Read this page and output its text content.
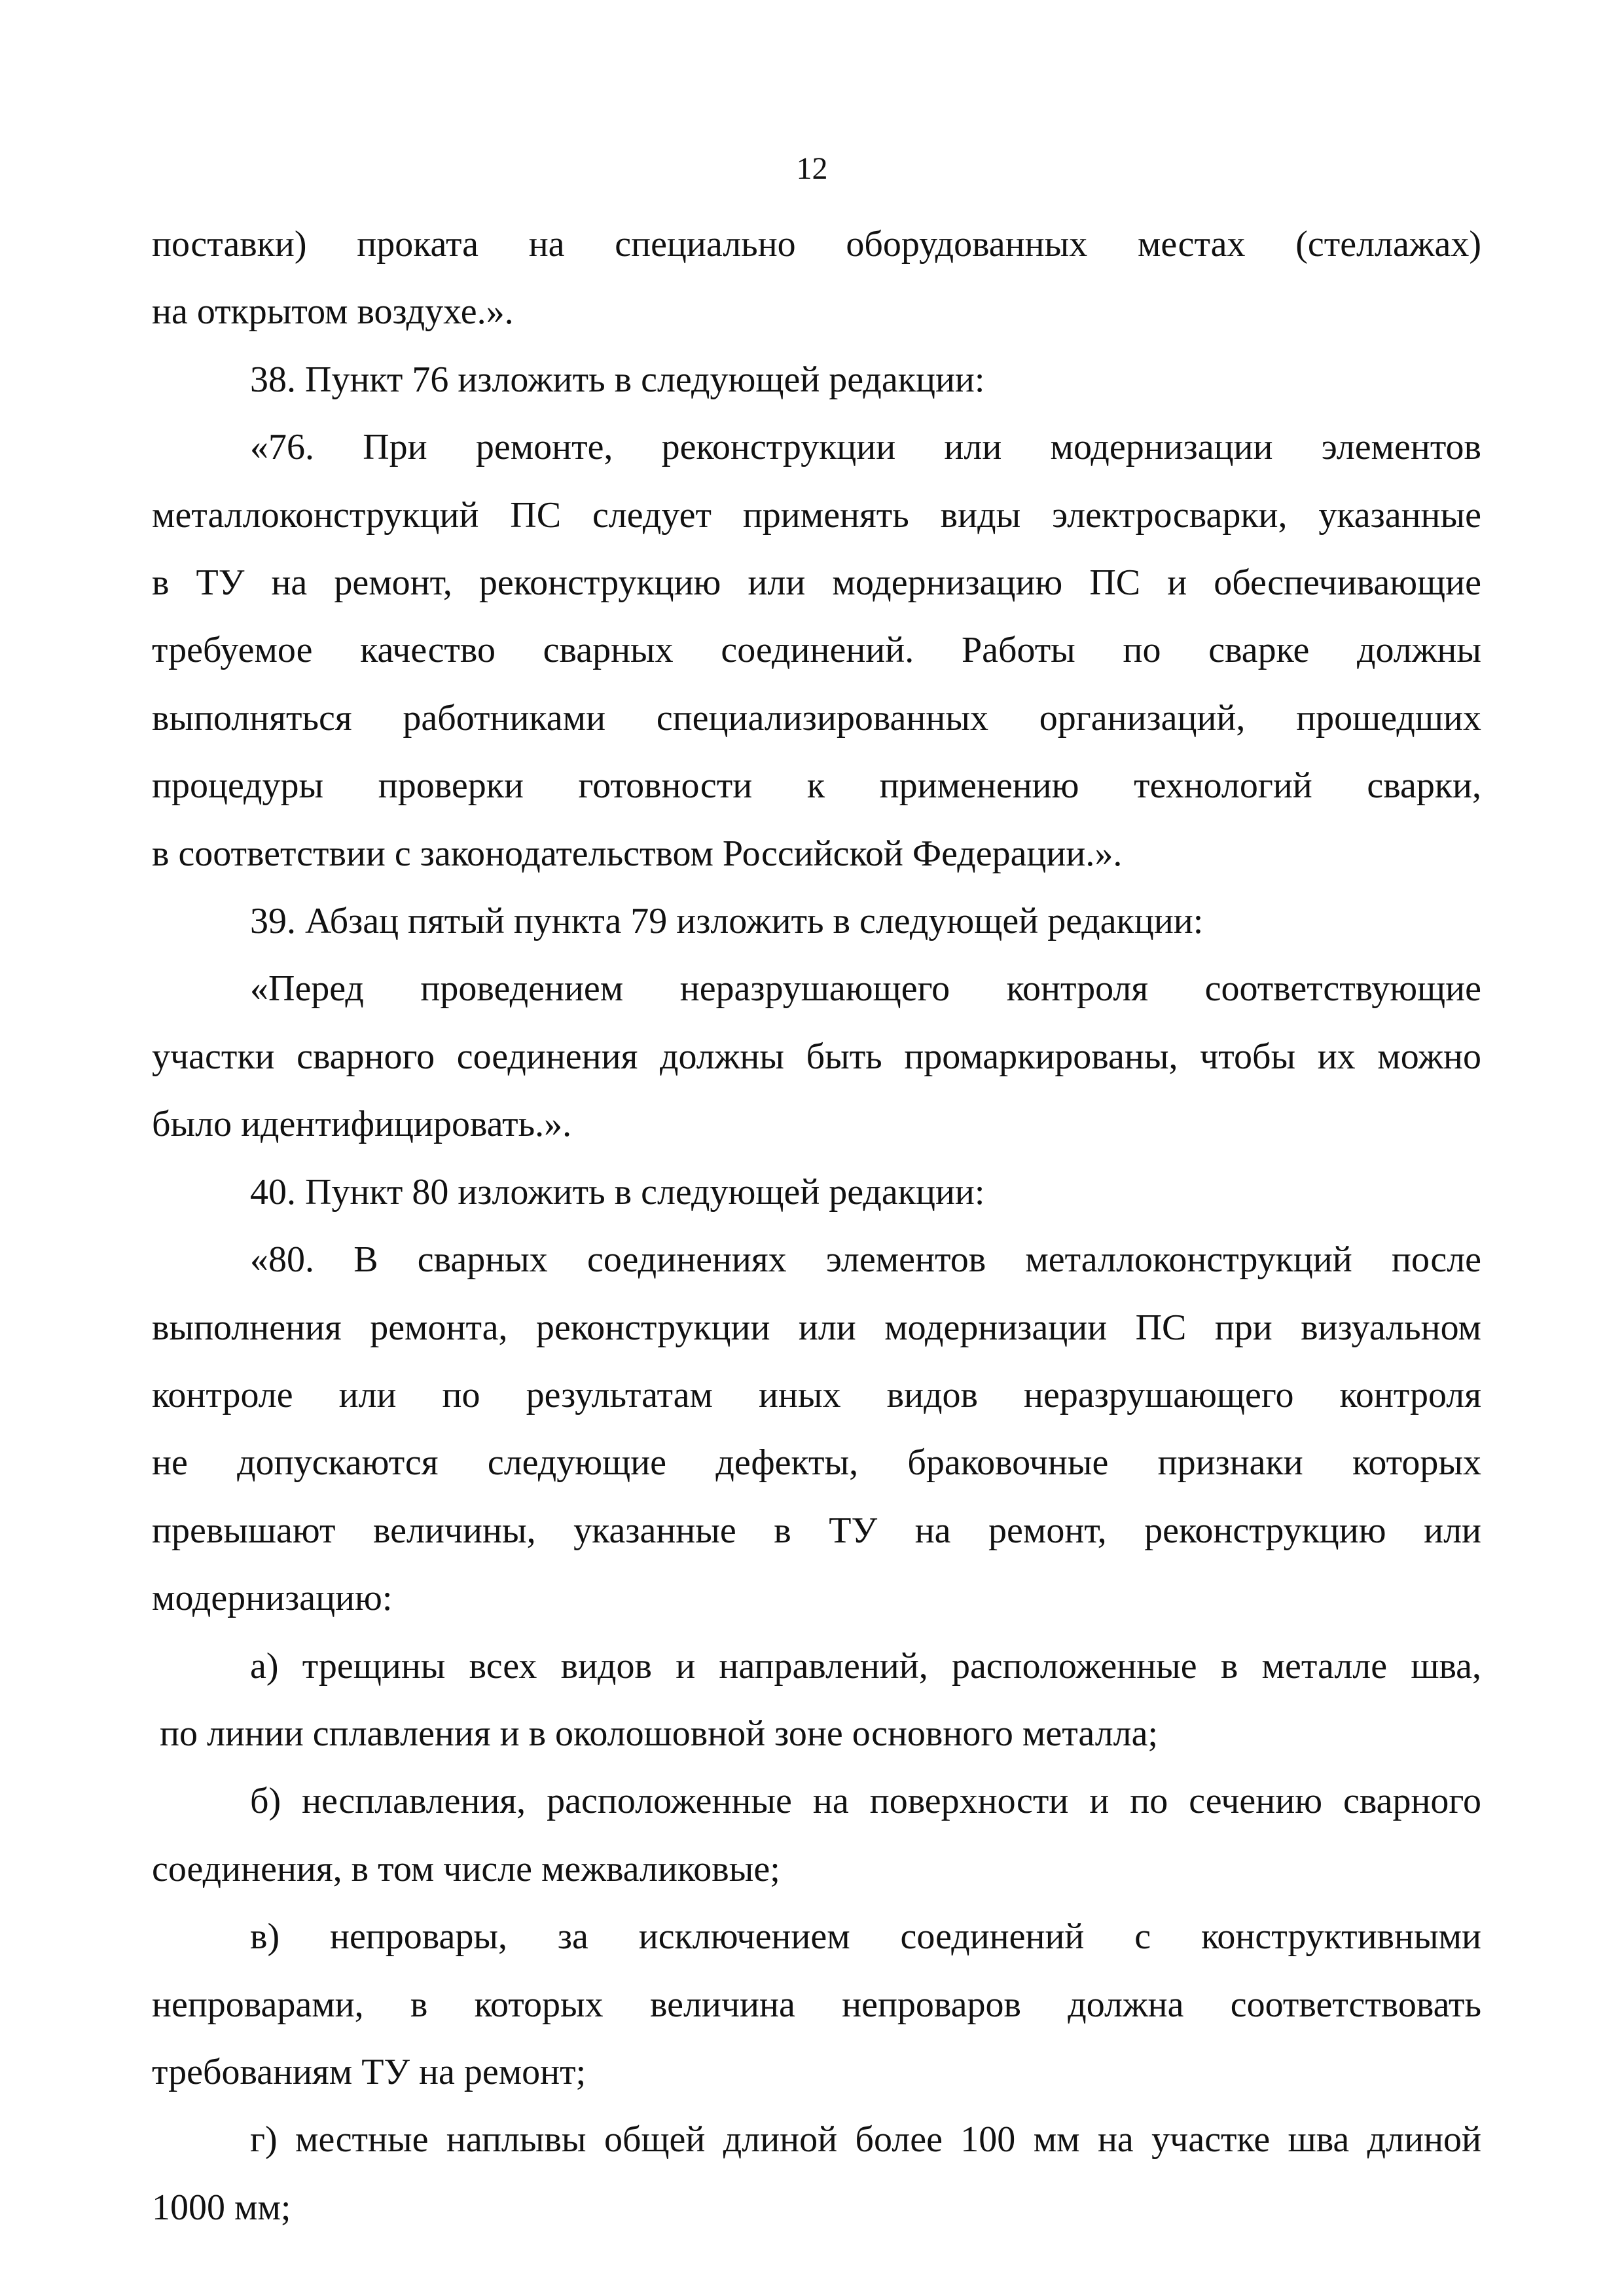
12
поставки) проката на специально оборудованных местах (стеллажах)
на открытом воздухе.».
38. Пункт 76 изложить в следующей редакции:
«76. При ремонте, реконструкции или модернизации элементов
металлоконструкций ПС следует применять виды электросварки, указанные
в ТУ на ремонт, реконструкцию или модернизацию ПС и обеспечивающие
требуемое качество сварных соединений. Работы по сварке должны
выполняться работниками специализированных организаций, прошедших
процедуры проверки готовности к применению технологий сварки,
в соответствии с законодательством Российской Федерации.».
39. Абзац пятый пункта 79 изложить в следующей редакции:
«Перед проведением неразрушающего контроля соответствующие
участки сварного соединения должны быть промаркированы, чтобы их можно
было идентифицировать.».
40. Пункт 80 изложить в следующей редакции:
«80. В сварных соединениях элементов металлоконструкций после
выполнения ремонта, реконструкции или модернизации ПС при визуальном
контроле или по результатам иных видов неразрушающего контроля
не допускаются следующие дефекты, браковочные признаки которых
превышают величины, указанные в ТУ на ремонт, реконструкцию или
модернизацию:
а) трещины всех видов и направлений, расположенные в металле шва,
по линии сплавления и в околошовной зоне основного металла;
б) несплавления, расположенные на поверхности и по сечению сварного
соединения, в том числе межваликовые;
в) непровары, за исключением соединений с конструктивными
непроварами, в которых величина непроваров должна соответствовать
требованиям ТУ на ремонт;
г) местные наплывы общей длиной более 100 мм на участке шва длиной
1000 мм;
